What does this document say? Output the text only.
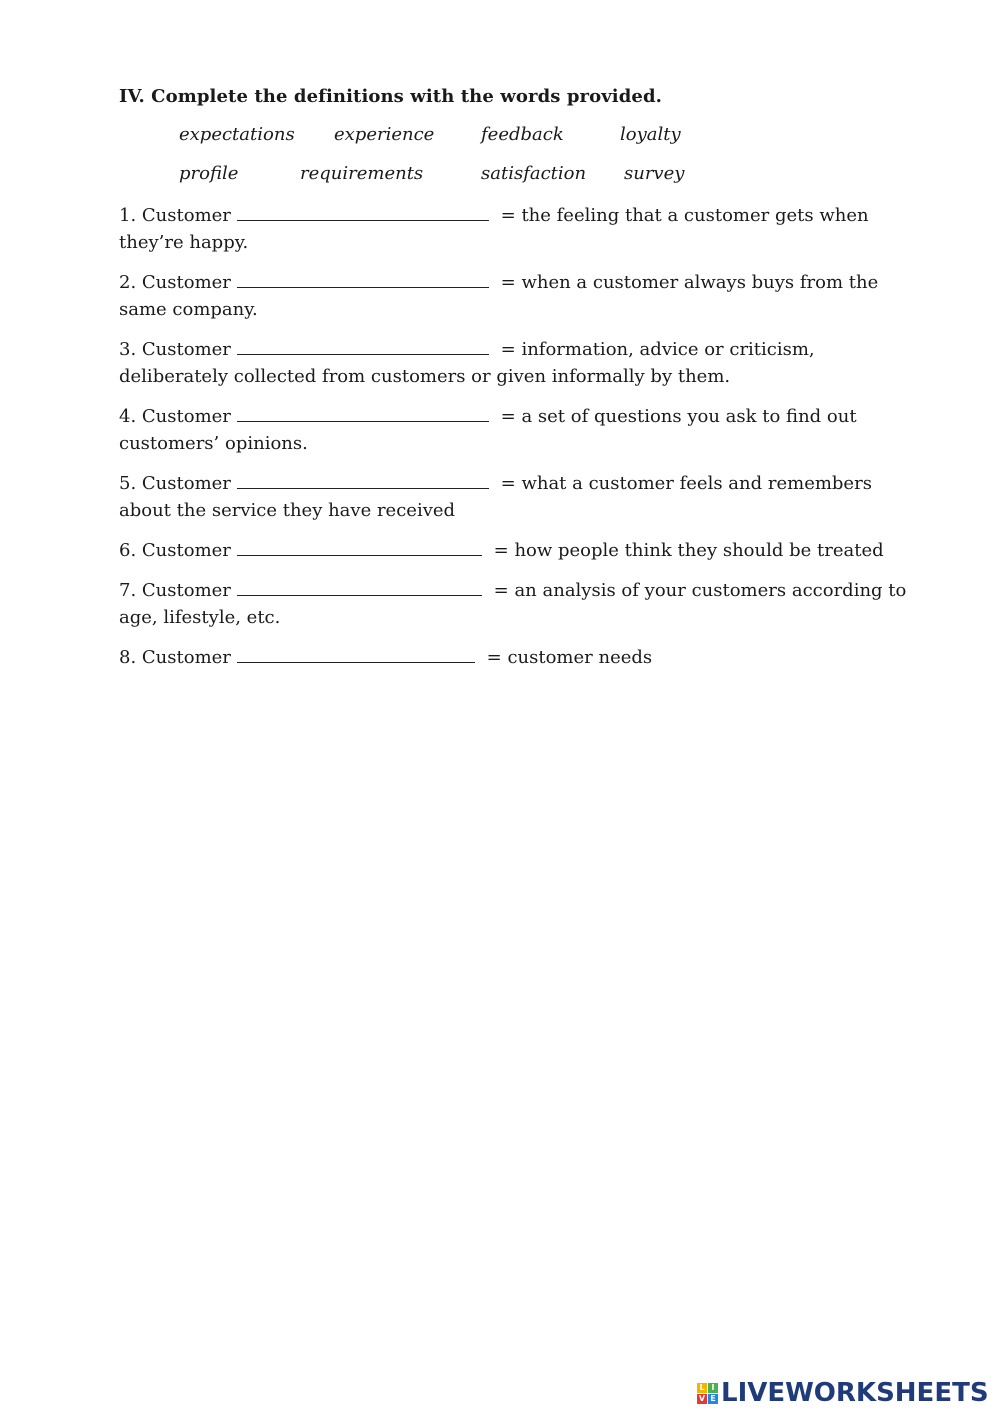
IV. Complete the definitions with the words provided.
expectations experience	feedback	loyalty
profile	requirements	satisfaction survey
1. Customer	= the feeling that a customer gets when they’re happy.
2. Customer	= when a customer always buys from the same company.
3. Customer	= information, advice or criticism, deliberately collected from customers or given informally by them.
4. Customer	= a set of questions you ask to find out customers’ opinions.
5. Customer	= what a customer feels and remembers about the service they have received
6. Customer	= how people think they should be treated
7. Customer	= an analysis of your customers according to age, lifestyle, etc.
8. Customer	= customer needs
L I
V E LIVEWORKSHEETS
